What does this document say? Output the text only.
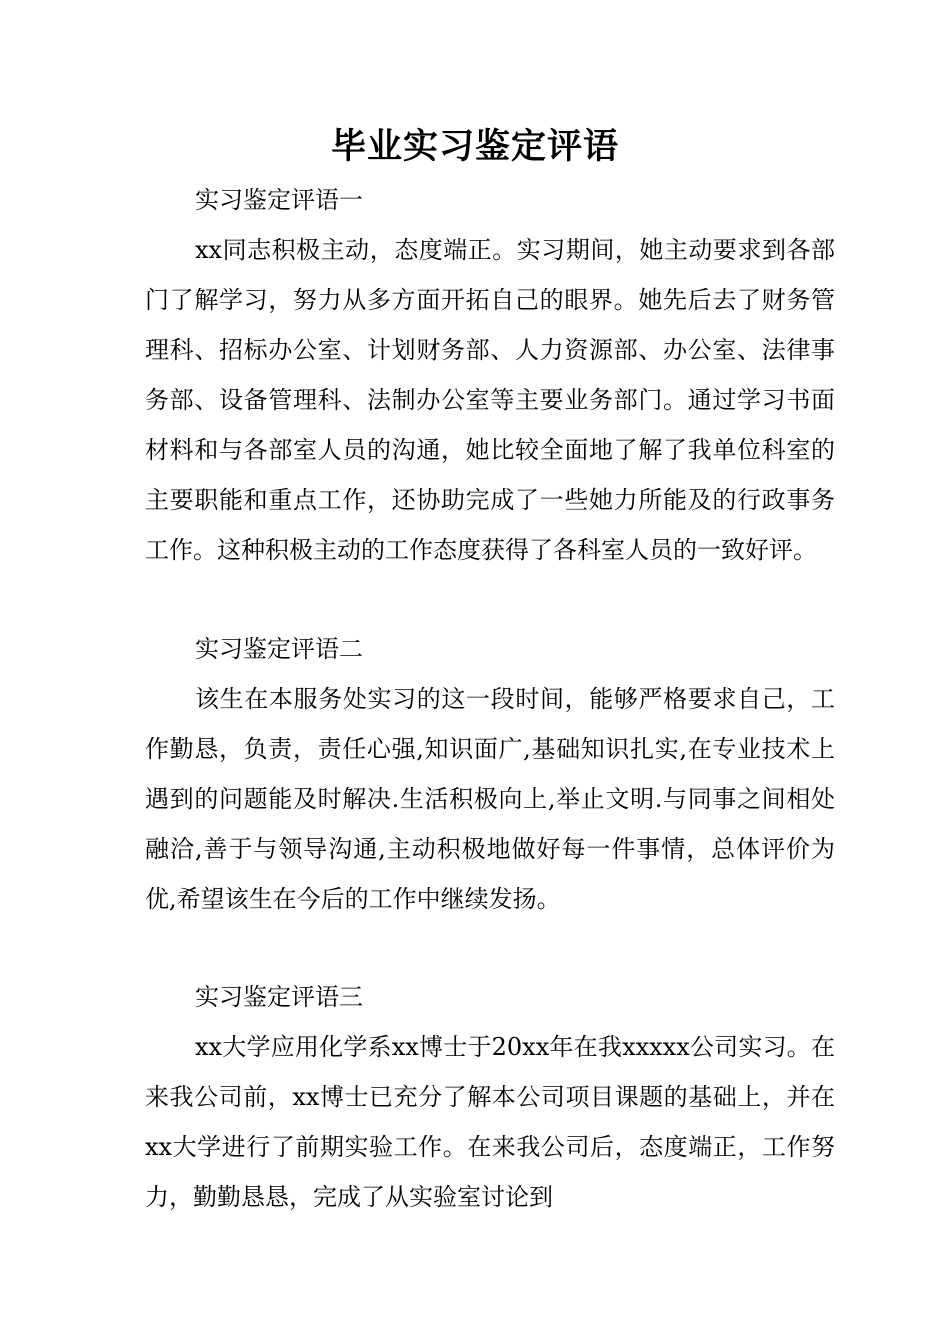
毕业实习鉴定评语

实习鉴定评语一

xx同志积极主动，态度端正。实习期间，她主动要求到各部门了解学习，努力从多方面开拓自己的眼界。她先后去了财务管理科、招标办公室、计划财务部、人力资源部、办公室、法律事务部、设备管理科、法制办公室等主要业务部门。通过学习书面材料和与各部室人员的沟通，她比较全面地了解了我单位科室的主要职能和重点工作，还协助完成了一些她力所能及的行政事务工作。这种积极主动的工作态度获得了各科室人员的一致好评。

实习鉴定评语二

该生在本服务处实习的这一段时间，能够严格要求自己，工作勤恳，负责，责任心强,知识面广,基础知识扎实,在专业技术上遇到的问题能及时解决.生活积极向上,举止文明.与同事之间相处融洽,善于与领导沟通,主动积极地做好每一件事情，总体评价为优,希望该生在今后的工作中继续发扬。

实习鉴定评语三

xx大学应用化学系xx博士于20xx年在我xxxxx公司实习。在来我公司前，xx博士已充分了解本公司项目课题的基础上，并在xx大学进行了前期实验工作。在来我公司后，态度端正，工作努力，勤勤恳恳，完成了从实验室讨论到
